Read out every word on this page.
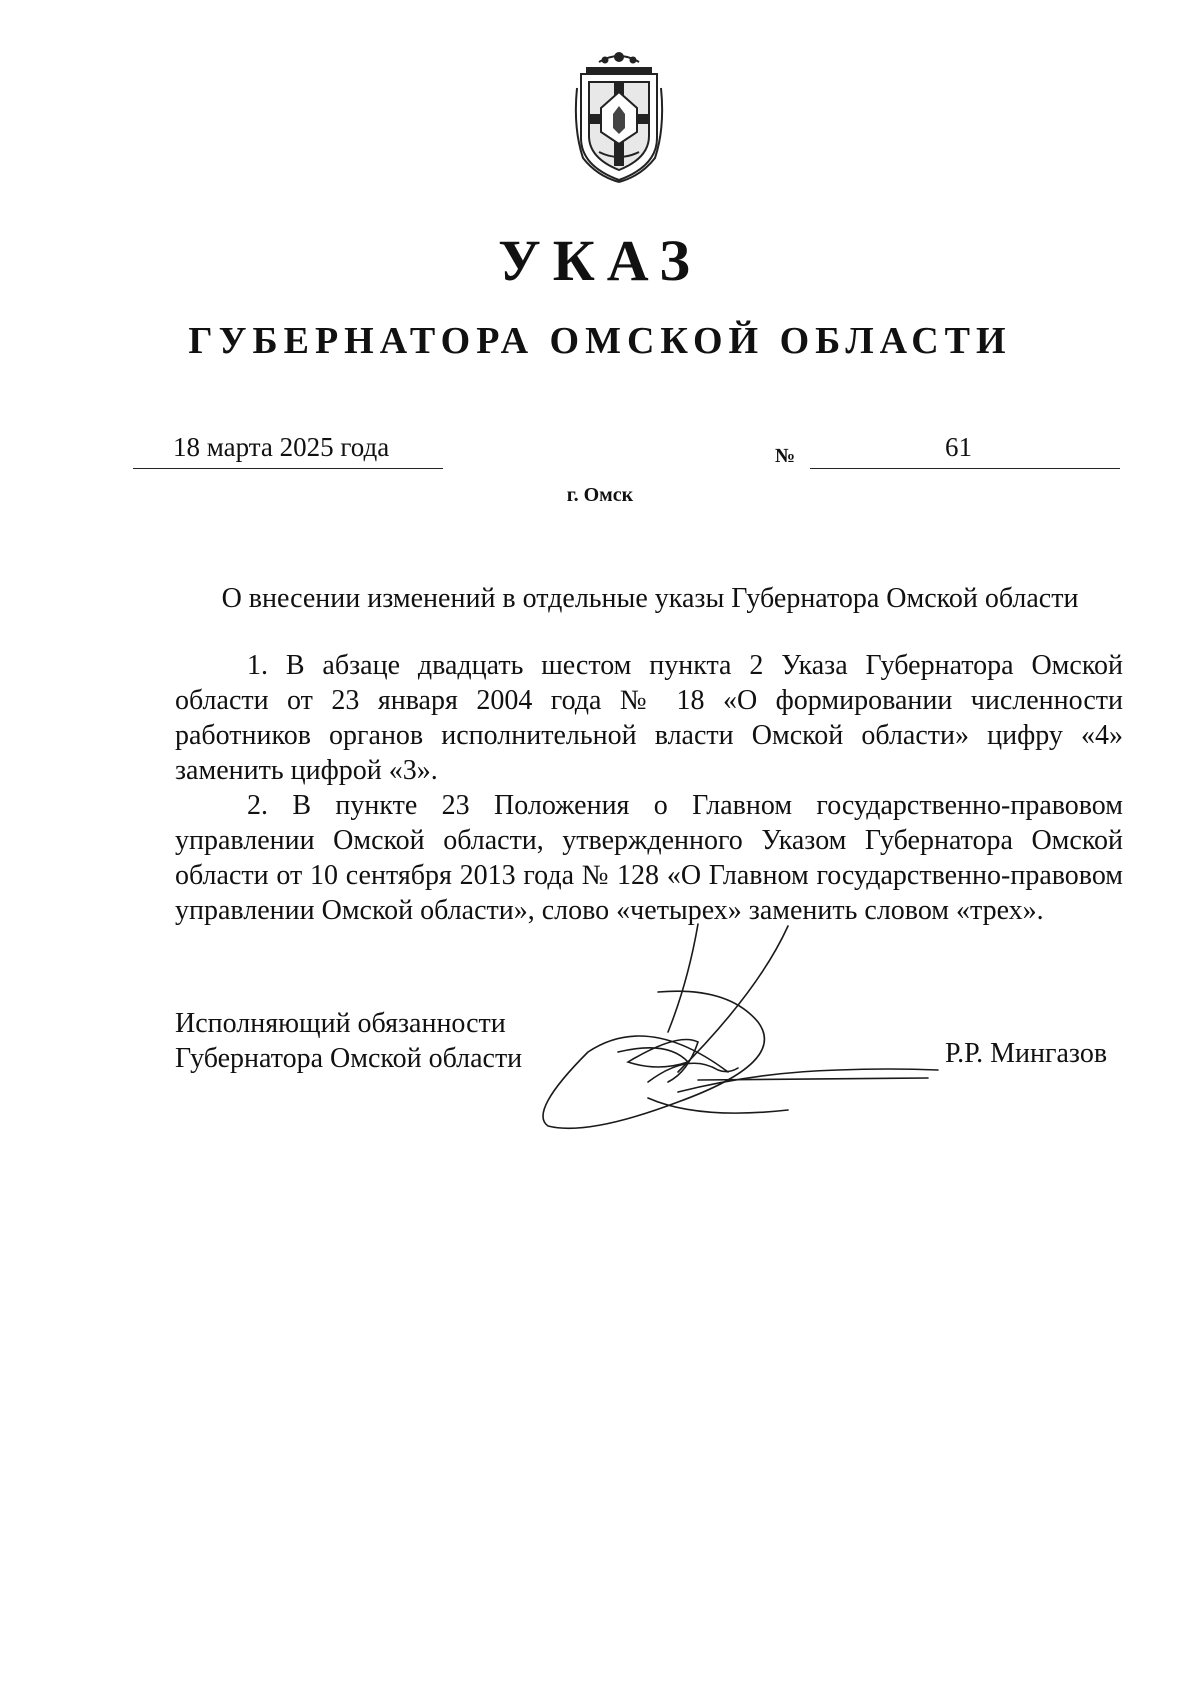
УКАЗ
ГУБЕРНАТОРА ОМСКОЙ ОБЛАСТИ
18 марта 2025 года	№	61
г. Омск
О внесении изменений в отдельные указы Губернатора Омской области

1. В абзаце двадцать шестом пункта 2 Указа Губернатора Омской области от 23 января 2004 года № 18 «О формировании численности работников органов исполнительной власти Омской области» цифру «4» заменить цифрой «3».

2. В пункте 23 Положения о Главном государственно-правовом управлении Омской области, утвержденного Указом Губернатора Омской области от 10 сентября 2013 года № 128 «О Главном государственно-правовом управлении Омской области», слово «четырех» заменить словом «трех».

Исполняющий обязанности
Губернатора Омской области	Р.Р. Мингазов
